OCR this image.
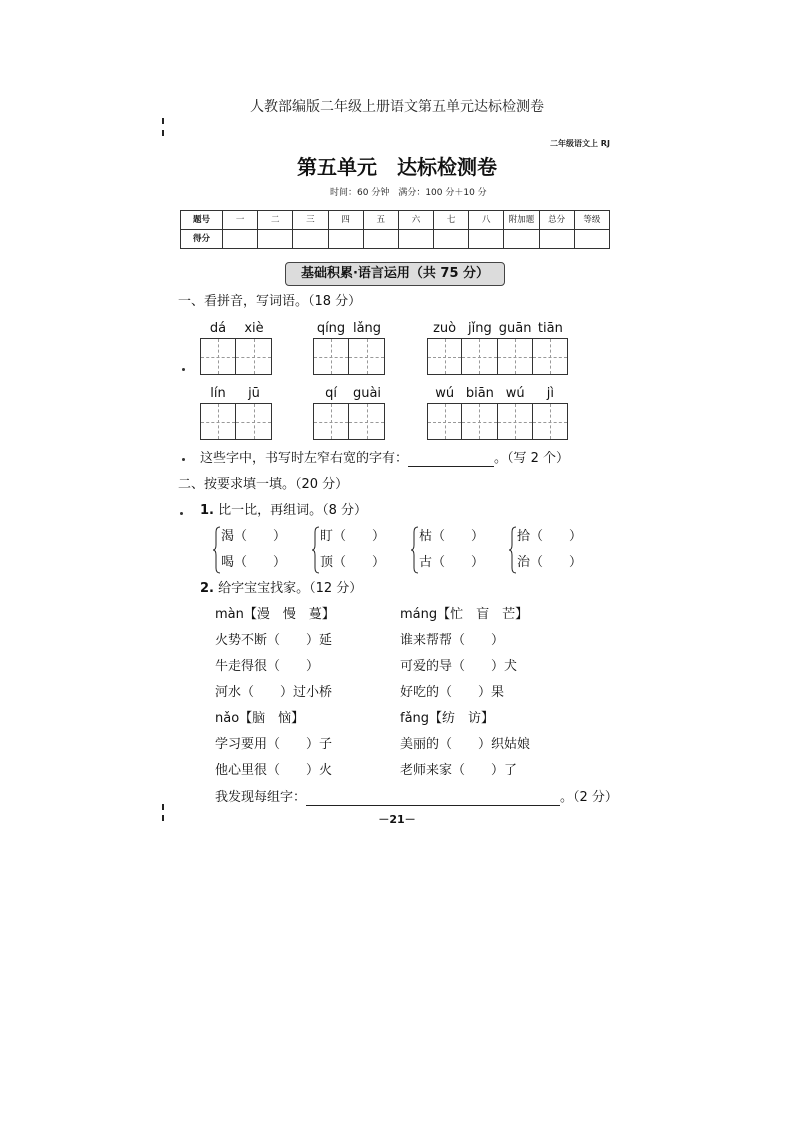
人教部编版二年级上册语文第五单元达标检测卷
二年级语文上 RJ
第五单元　达标检测卷
时间：60 分钟　满分：100 分＋10 分
题号	一	二	三	四	五	六	七	八	附加题	总分	等级
得分											
基础积累·语言运用（共 75 分）
一、看拼音，写词语。（18 分）
dá	xiè	qíng lǎng	zuò jǐng guān tiān
lín	jū	qí	guài	wú biān wú	jì
这些字中，书写时左窄右宽的字有：	。（写 2 个）
二、按要求填一填。（20 分）
1. 比一比，再组词。（8 分）
渴（　　）
喝（　　）
盯（　　）
顶（　　）
枯（　　）
古（　　）
拾（　　）
治（　　）
2. 给字宝宝找家。（12 分）
màn【漫　慢　蔓】	máng【忙　盲　芒】
火势不断（　　）延	谁来帮帮（　　）
牛走得很（　　）	可爱的导（　　）犬
河水（　　）过小桥	好吃的（　　）果
nǎo【脑　恼】	fǎng【纺　访】
学习要用（　　）子	美丽的（　　）织姑娘
他心里很（　　）火	老师来家（　　）了
我发现每组字：	。（2 分）
－21－
